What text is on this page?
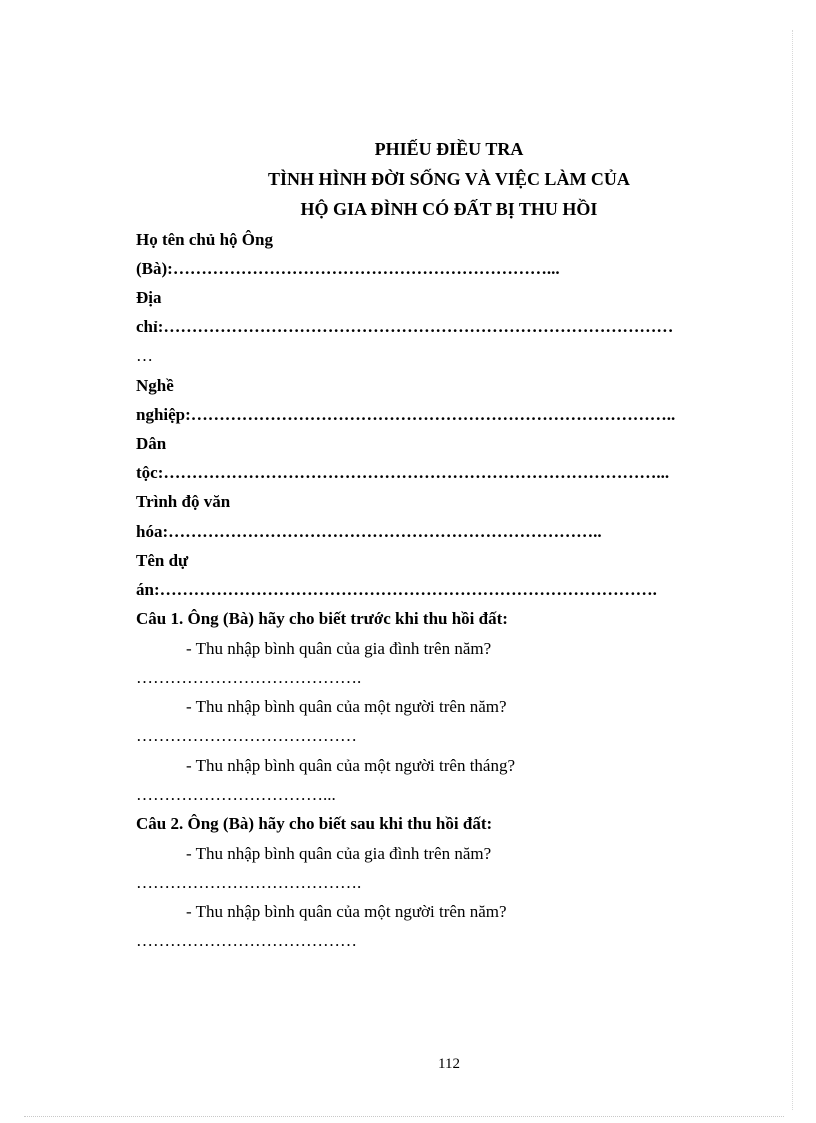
PHIẾU ĐIỀU TRA
TÌNH HÌNH ĐỜI SỐNG VÀ VIỆC LÀM CỦA
HỘ GIA ĐÌNH CÓ ĐẤT BỊ THU HỒI
Họ tên chủ hộ Ông
(Bà):…………………………………………………………...
Địa
chỉ:………………………………………………………………………………
…
Nghề
nghiệp:…………………………………………………………………………..
Dân
tộc:……………………………………………………………………………...
Trình độ văn
hóa:…………………………………………………………………..
Tên dự
án:…………………………………………………………………………….
Câu 1. Ông (Bà) hãy cho biết trước khi thu hồi đất:
- Thu nhập bình quân của gia đình trên năm?
………………………………….
- Thu nhập bình quân của một người trên năm?
…………………………………
- Thu nhập bình quân của một người trên tháng?
……………………………...
Câu 2. Ông (Bà) hãy cho biết sau khi thu hồi đất:
- Thu nhập bình quân của gia đình trên năm?
………………………………….
- Thu nhập bình quân của một người trên năm?
…………………………………
112
